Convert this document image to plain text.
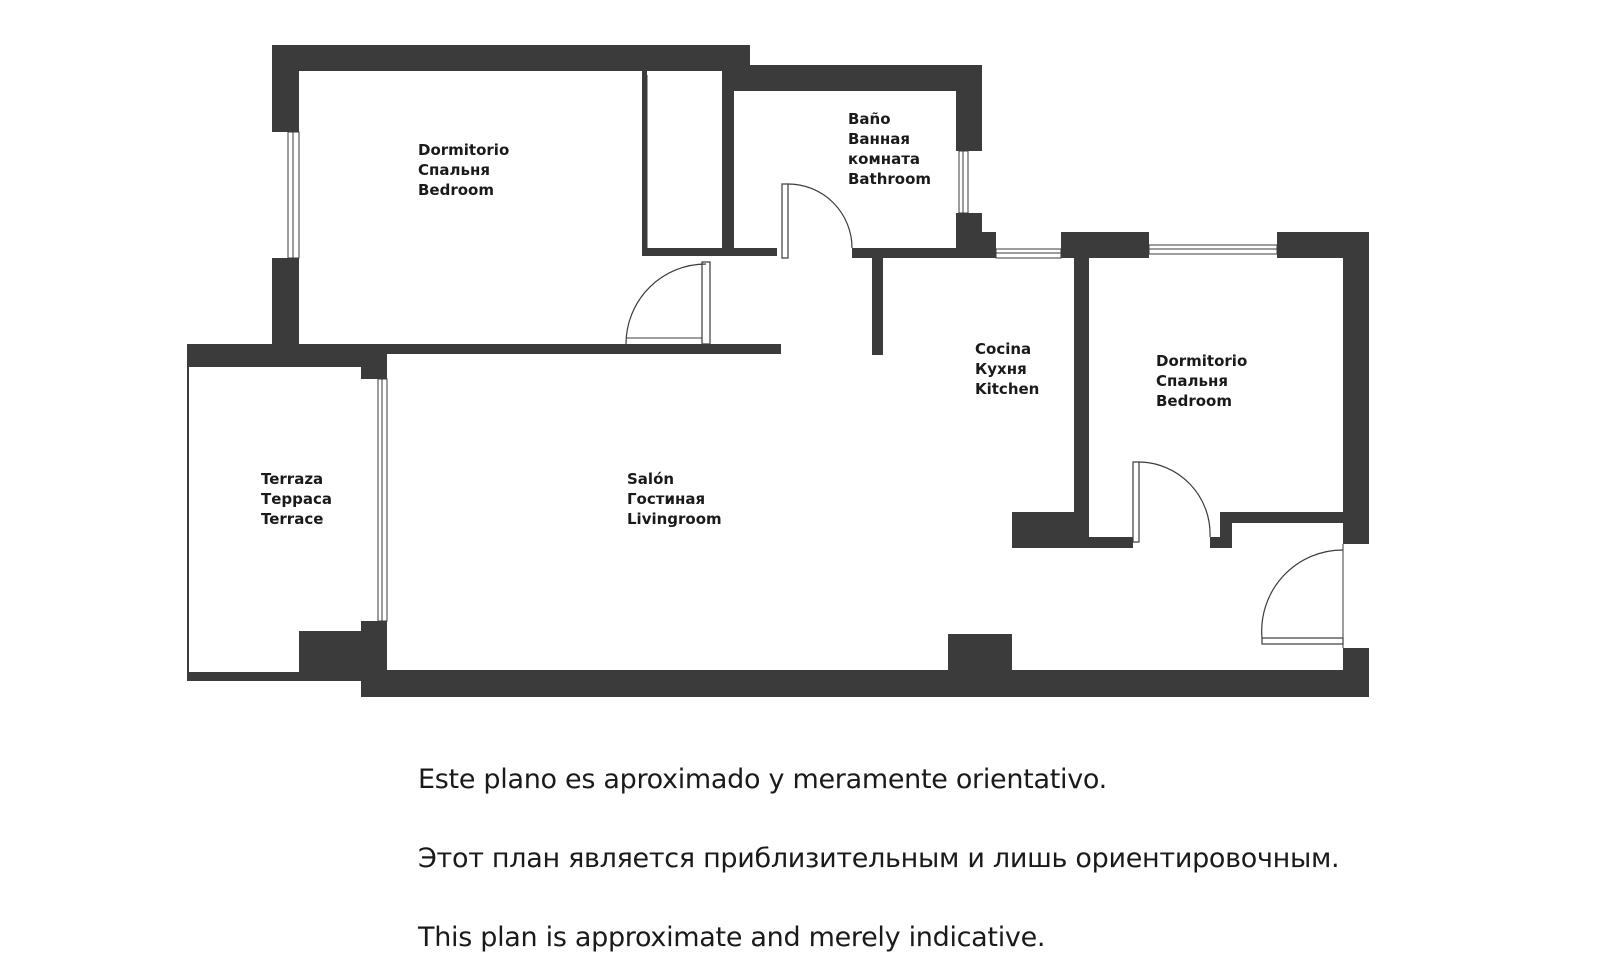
Dormitorio Спальня Bedroom
Baño Ванная комната Bathroom
Cocina Кухня Kitchen
Dormitorio Спальня Bedroom
Terraza Терраса Terrace
Salón Гостиная Livingroom

Este plano es aproximado y meramente orientativo.

Этот план является приблизительным и лишь ориентировочным.

This plan is approximate and merely indicative.
